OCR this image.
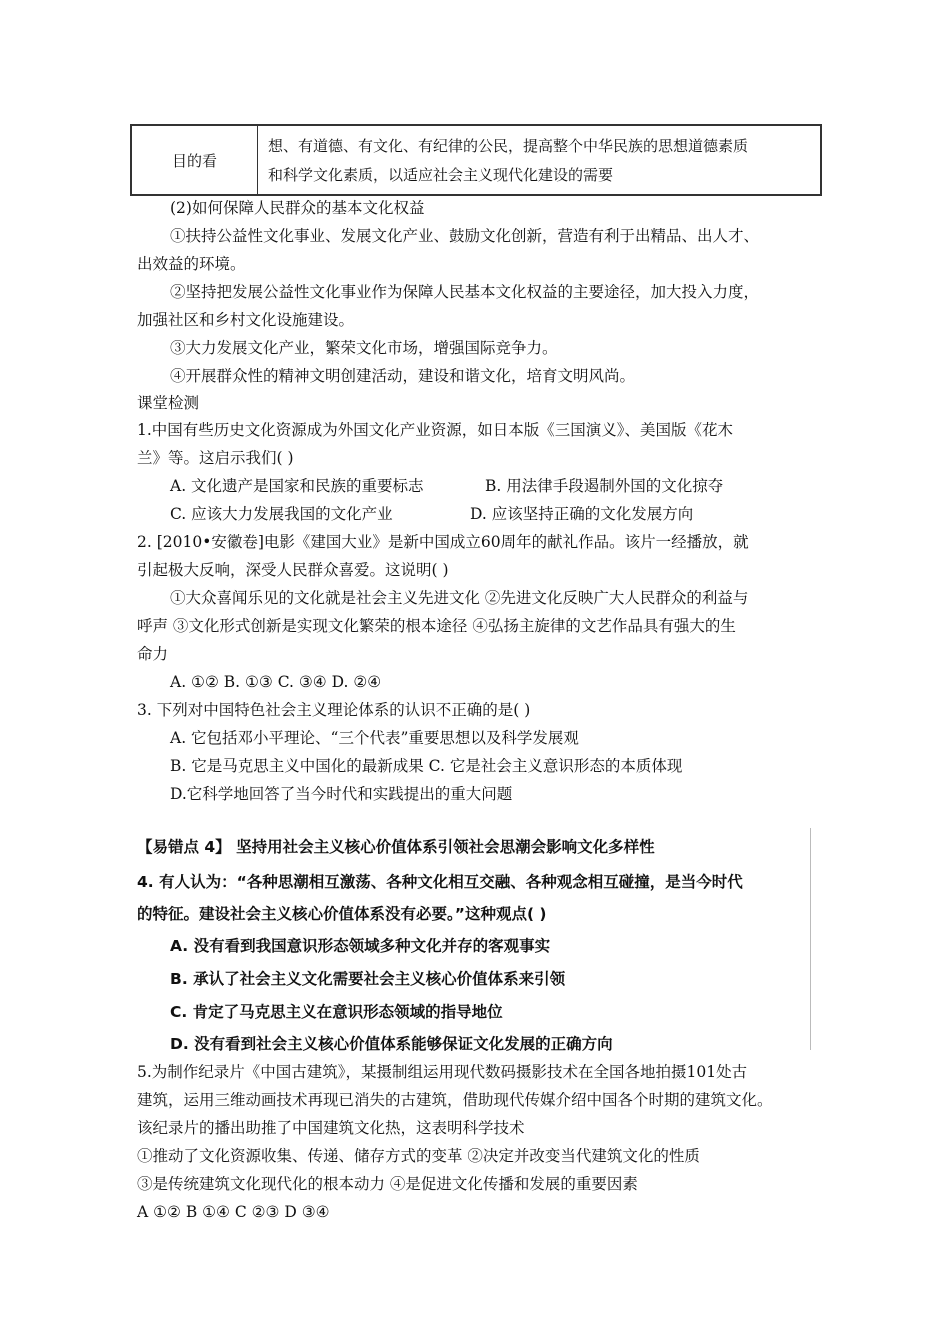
目的看
想、有道德、有文化、有纪律的公民，提高整个中华民族的思想道德素质
和科学文化素质，以适应社会主义现代化建设的需要
(2)如何保障人民群众的基本文化权益
①扶持公益性文化事业、发展文化产业、鼓励文化创新，营造有利于出精品、出人才、
出效益的环境。
②坚持把发展公益性文化事业作为保障人民基本文化权益的主要途径，加大投入力度，
加强社区和乡村文化设施建设。
③大力发展文化产业，繁荣文化市场，增强国际竞争力。
④开展群众性的精神文明创建活动，建设和谐文化，培育文明风尚。
课堂检测
1.中国有些历史文化资源成为外国文化产业资源，如日本版《三国演义》、美国版《花木
兰》等。这启示我们( )
A. 文化遗产是国家和民族的重要标志	B. 用法律手段遏制外国的文化掠夺
C. 应该大力发展我国的文化产业	D. 应该坚持正确的文化发展方向
2. [2010•安徽卷]电影《建国大业》是新中国成立60周年的献礼作品。该片一经播放，就
引起极大反响，深受人民群众喜爱。这说明( )
①大众喜闻乐见的文化就是社会主义先进文化 ②先进文化反映广大人民群众的利益与
呼声 ③文化形式创新是实现文化繁荣的根本途径 ④弘扬主旋律的文艺作品具有强大的生
命力
A. ①② B. ①③ C. ③④ D. ②④
3. 下列对中国特色社会主义理论体系的认识不正确的是( )
A. 它包括邓小平理论、“三个代表”重要思想以及科学发展观
B. 它是马克思主义中国化的最新成果 C. 它是社会主义意识形态的本质体现
D.它科学地回答了当今时代和实践提出的重大问题
【易错点 4】 坚持用社会主义核心价值体系引领社会思潮会影响文化多样性
4. 有人认为：“各种思潮相互激荡、各种文化相互交融、各种观念相互碰撞，是当今时代
的特征。建设社会主义核心价值体系没有必要。”这种观点( )
A. 没有看到我国意识形态领域多种文化并存的客观事实
B. 承认了社会主义文化需要社会主义核心价值体系来引领
C. 肯定了马克思主义在意识形态领域的指导地位
D. 没有看到社会主义核心价值体系能够保证文化发展的正确方向
5.为制作纪录片《中国古建筑》，某摄制组运用现代数码摄影技术在全国各地拍摄101处古
建筑，运用三维动画技术再现已消失的古建筑，借助现代传媒介绍中国各个时期的建筑文化。
该纪录片的播出助推了中国建筑文化热，这表明科学技术
①推动了文化资源收集、传递、储存方式的变革 ②决定并改变当代建筑文化的性质
③是传统建筑文化现代化的根本动力 ④是促进文化传播和发展的重要因素
A ①② B ①④ C ②③ D ③④
